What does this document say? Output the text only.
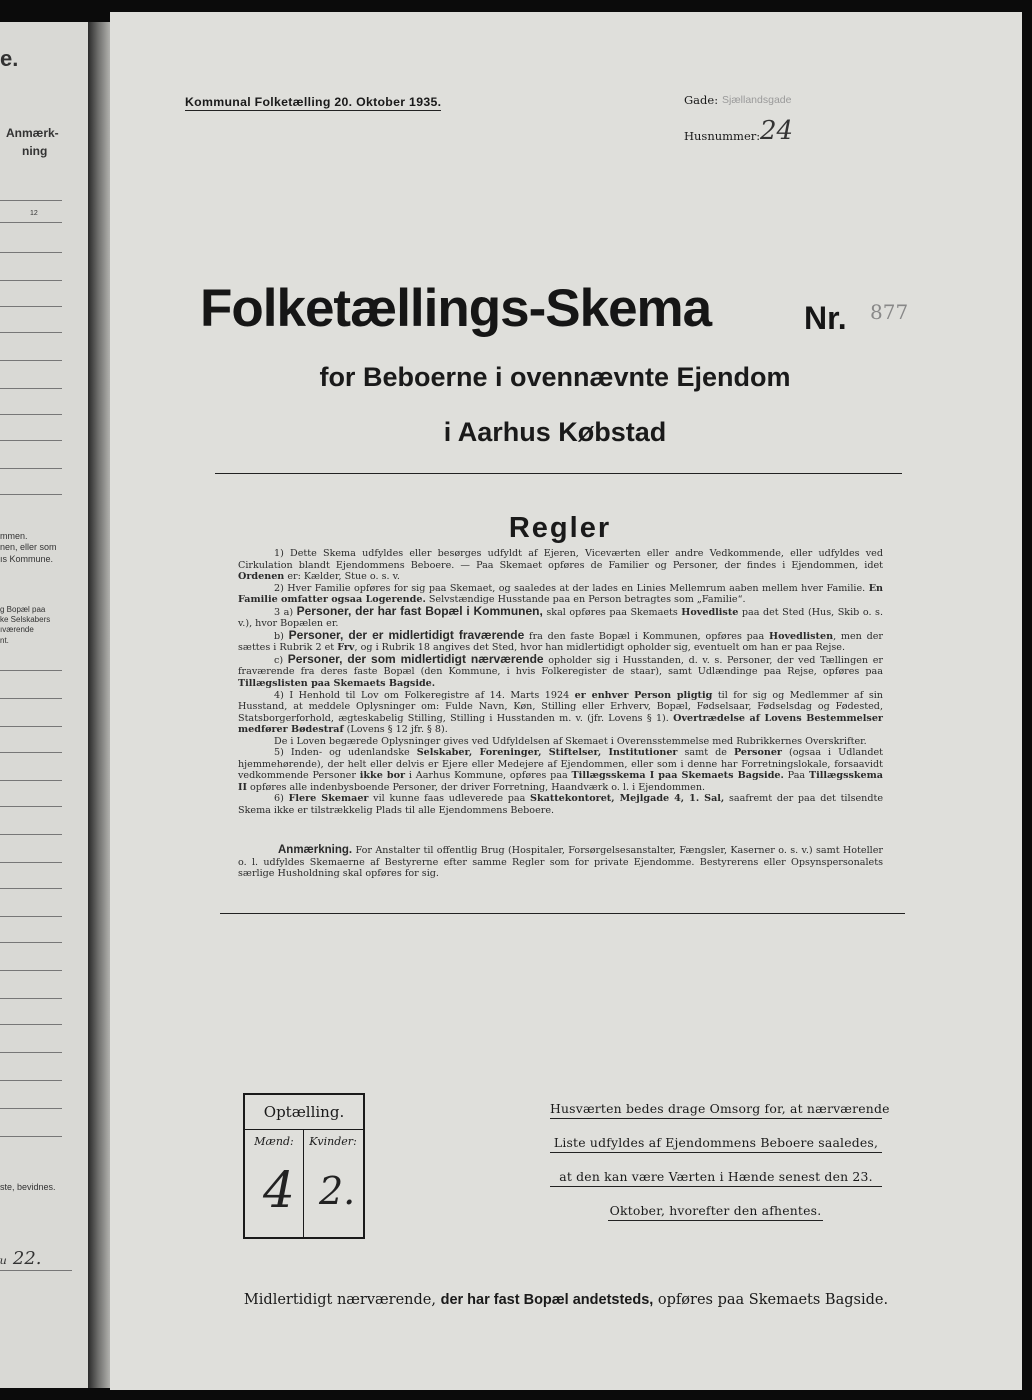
e.
Anmærk-
ning
12
mmen.
nen, eller som
ıs Kommune.
g Bopæl paa
ke Selskabers
ıværende
nt.
ste, bevidnes.
ᵤ 22.
Kommunal Folketælling 20. Oktober 1935.	Gade: Sjællandsgade
Husnummer: 24
Folketællings-Skema	Nr. 877
for Beboerne i ovennævnte Ejendom
i Aarhus Købstad
Regler

1) Dette Skema udfyldes eller besørges udfyldt af Ejeren, Viceværten eller andre Vedkommende, eller udfyldes ved Cirkulation blandt Ejendommens Beboere. — Paa Skemaet opføres de Familier og Personer, der findes i Ejendommen, idet Ordenen er: Kælder, Stue o. s. v.

2) Hver Familie opføres for sig paa Skemaet, og saaledes at der lades en Linies Mellemrum aaben mellem hver Familie. En Familie omfatter ogsaa Logerende. Selvstændige Husstande paa en Person betragtes som „Familie“.

3 a) Personer, der har fast Bopæl i Kommunen, skal opføres paa Skemaets Hovedliste paa det Sted (Hus, Skib o. s. v.), hvor Bopælen er.

b) Personer, der er midlertidigt fraværende fra den faste Bopæl i Kommunen, opføres paa Hovedlisten, men der sættes i Rubrik 2 et Frv, og i Rubrik 18 angives det Sted, hvor han midlertidigt opholder sig, eventuelt om han er paa Rejse.

c) Personer, der som midlertidigt nærværende opholder sig i Husstanden, d. v. s. Personer, der ved Tællingen er fraværende fra deres faste Bopæl (den Kommune, i hvis Folkeregister de staar), samt Udlændinge paa Rejse, opføres paa Tillægslisten paa Skemaets Bagside.

4) I Henhold til Lov om Folkeregistre af 14. Marts 1924 er enhver Person pligtig til for sig og Medlemmer af sin Husstand, at meddele Oplysninger om: Fulde Navn, Køn, Stilling eller Erhverv, Bopæl, Fødselsaar, Fødselsdag og Fødested, Statsborgerforhold, ægteskabelig Stilling, Stilling i Husstanden m. v. (jfr. Lovens § 1). Overtrædelse af Lovens Bestemmelser medfører Bødestraf (Lovens § 12 jfr. § 8).

De i Loven begærede Oplysninger gives ved Udfyldelsen af Skemaet i Overensstemmelse med Rubrikkernes Overskrifter.

5) Inden- og udenlandske Selskaber, Foreninger, Stiftelser, Institutioner samt de Personer (ogsaa i Udlandet hjemmehørende), der helt eller delvis er Ejere eller Medejere af Ejendommen, eller som i denne har Forretningslokale, forsaavidt vedkommende Personer ikke bor i Aarhus Kommune, opføres paa Tillægsskema I paa Skemaets Bagside. Paa Tillægsskema II opføres alle indenbysboende Personer, der driver Forretning, Haandværk o. l. i Ejendommen.

6) Flere Skemaer vil kunne faas udleverede paa Skattekontoret, Mejlgade 4, 1. Sal, saafremt der paa det tilsendte Skema ikke er tilstrækkelig Plads til alle Ejendommens Beboere.

Anmærkning. For Anstalter til offentlig Brug (Hospitaler, Forsørgelsesanstalter, Fængsler, Kaserner o. s. v.) samt Hoteller o. l. udfyldes Skemaerne af Bestyrerne efter samme Regler som for private Ejendomme. Bestyrerens eller Opsynspersonalets særlige Husholdning skal opføres for sig.
Optælling.
Mænd:	Kvinder:
4 2.
Husværten bedes drage Omsorg for, at nærværende
Liste udfyldes af Ejendommens Beboere saaledes,
at den kan være Værten i Hænde senest den 23.
Oktober, hvorefter den afhentes.
Midlertidigt nærværende, der har fast Bopæl andetsteds, opføres paa Skemaets Bagside.
